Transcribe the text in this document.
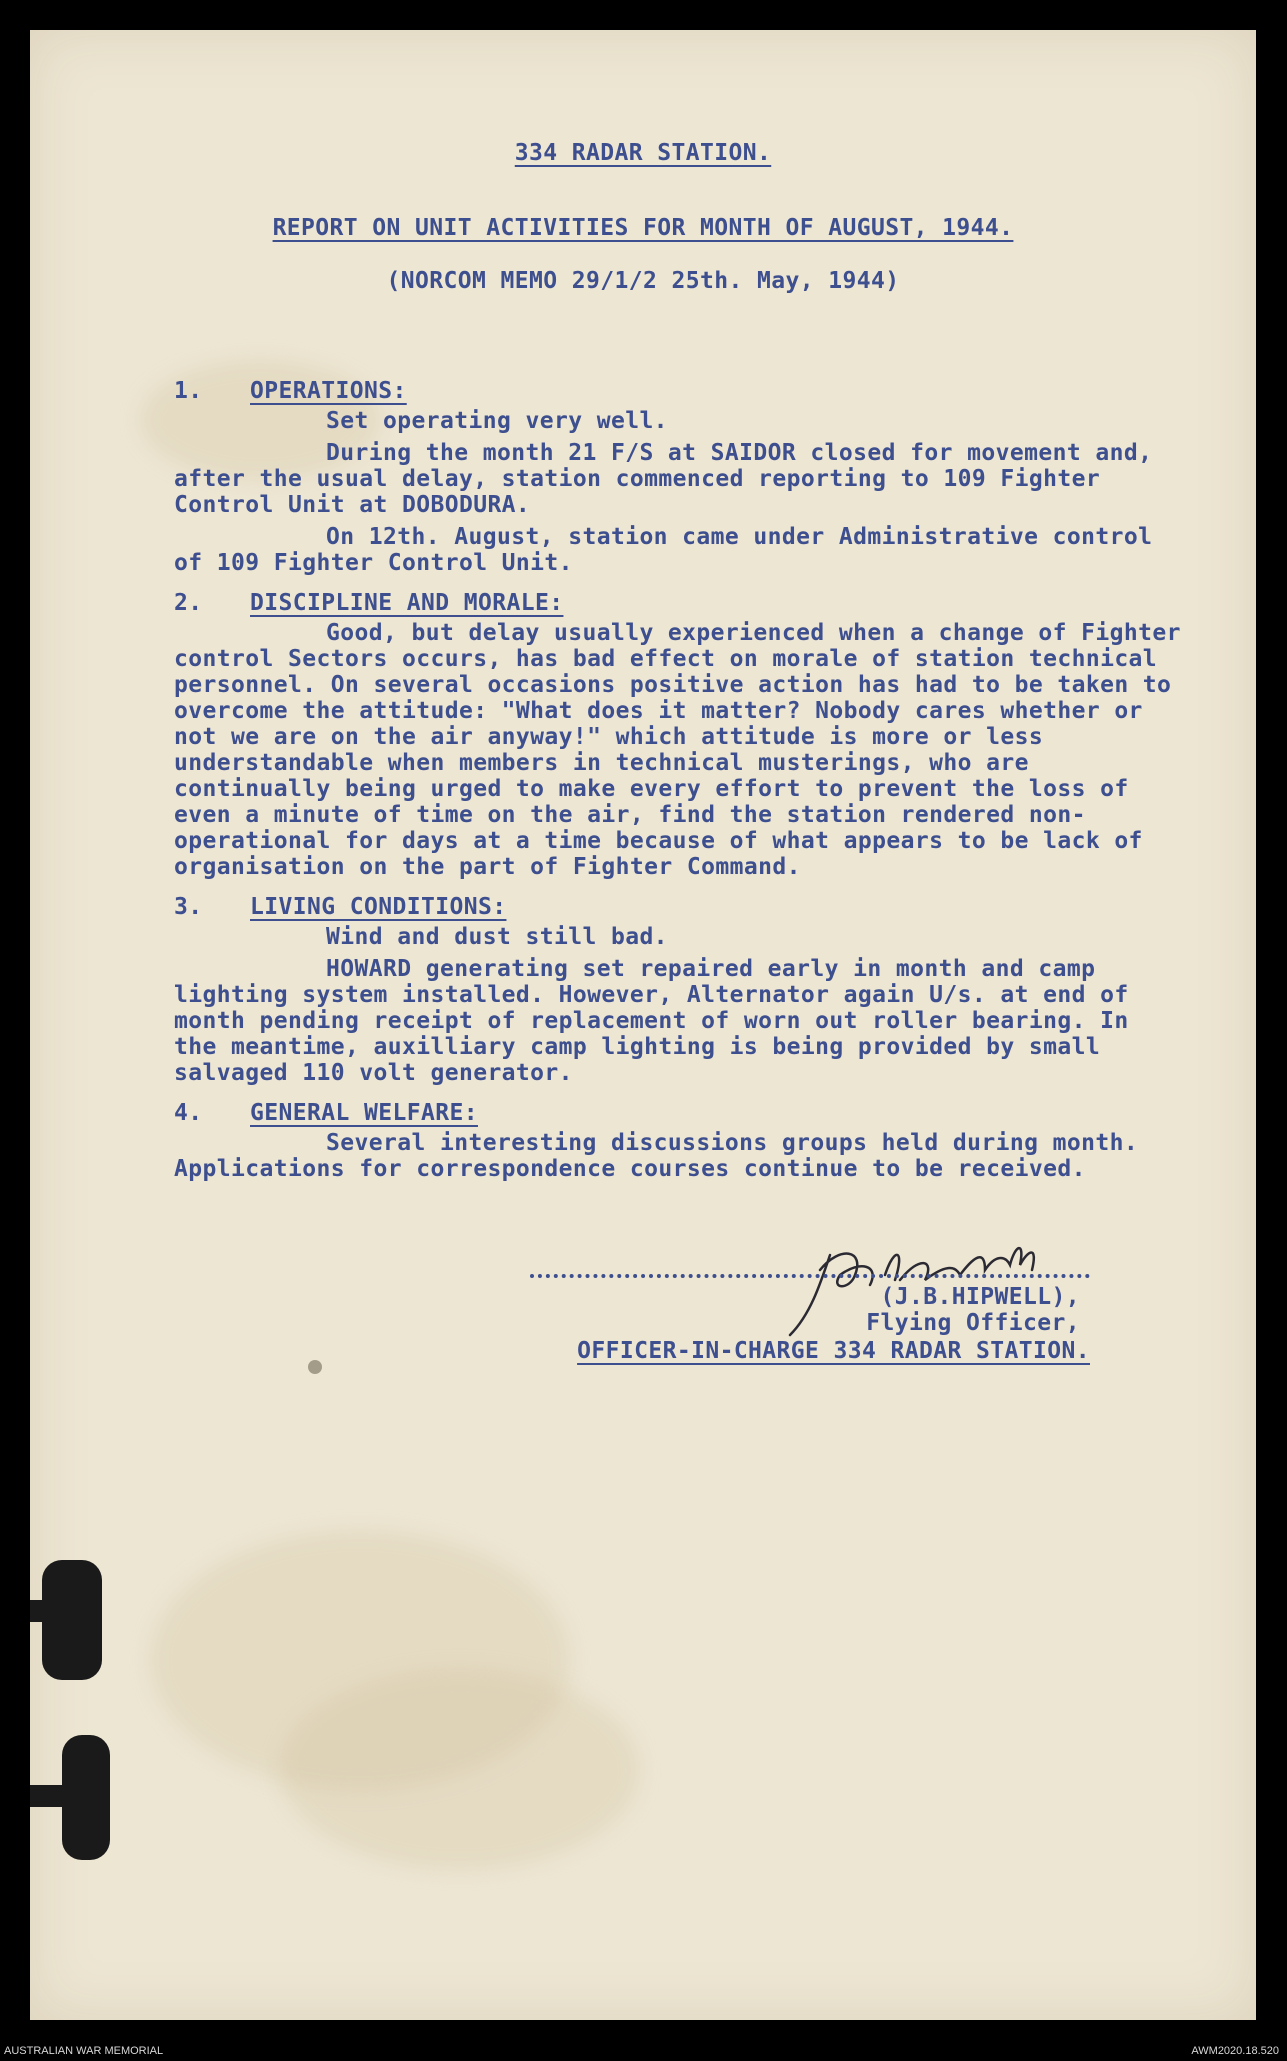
334 RADAR STATION.

REPORT ON UNIT ACTIVITIES FOR MONTH OF AUGUST, 1944.

(NORCOM MEMO 29/1/2 25th. May, 1944)

1.	OPERATIONS:

Set operating very well.

During the month 21 F/S at SAIDOR closed for movement and, after the usual delay, station commenced reporting to 109 Fighter Control Unit at DOBODURA.

On 12th. August, station came under Administrative control of 109 Fighter Control Unit.

2.	DISCIPLINE AND MORALE:

Good, but delay usually experienced when a change of Fighter control Sectors occurs, has bad effect on morale of station technical personnel. On several occasions positive action has had to be taken to overcome the attitude: "What does it matter? Nobody cares whether or not we are on the air anyway!" which attitude is more or less understandable when members in technical musterings, who are continually being urged to make every effort to prevent the loss of even a minute of time on the air, find the station rendered non-operational for days at a time because of what appears to be lack of organisation on the part of Fighter Command.

3.	LIVING CONDITIONS:

Wind and dust still bad.

HOWARD generating set repaired early in month and camp lighting system installed. However, Alternator again U/s. at end of month pending receipt of replacement of worn out roller bearing. In the meantime, auxilliary camp lighting is being provided by small salvaged 110 volt generator.

4.	GENERAL WELFARE:

Several interesting discussions groups held during month. Applications for correspondence courses continue to be received.

(J.B.HIPWELL),
Flying Officer,
OFFICER-IN-CHARGE 334 RADAR STATION.
AUSTRALIAN WAR MEMORIAL	AWM2020.18.520
